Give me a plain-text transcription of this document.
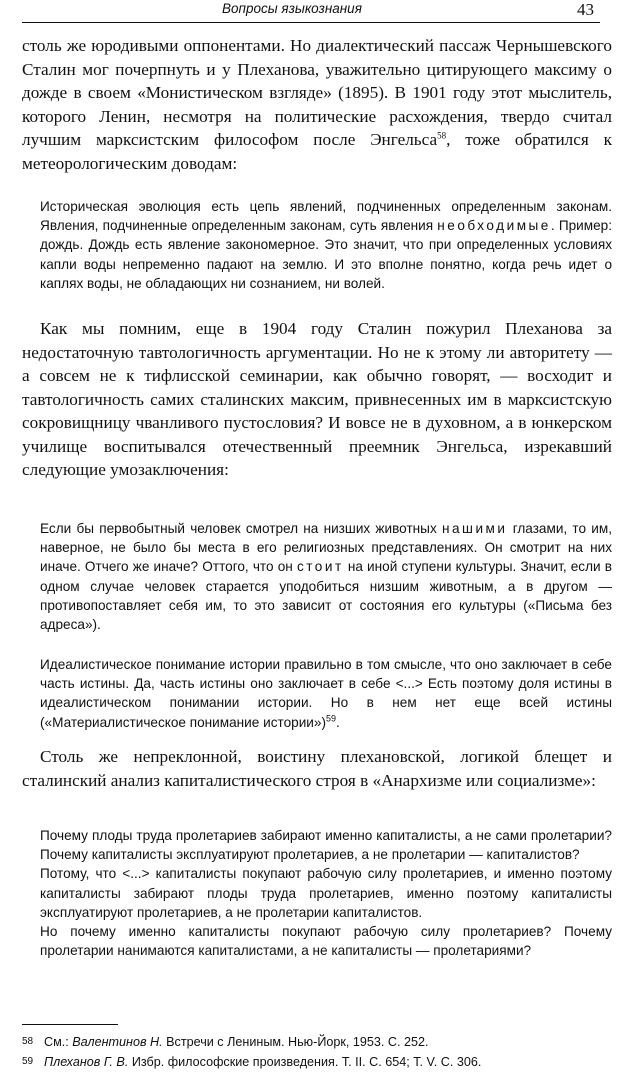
Вопросы языкознания	43
столь же юродивыми оппонентами. Но диалектический пассаж Чернышевского Сталин мог почерпнуть и у Плеханова, уважительно цитирующего максиму о дожде в своем «Монистическом взгляде» (1895). В 1901 году этот мыслитель, которого Ленин, несмотря на политические расхождения, твердо считал лучшим марксистским философом после Энгельса$^{58}$, тоже обратился к метеорологическим доводам:
Историческая эволюция есть цепь явлений, подчиненных определенным законам. Явления, подчиненные определенным законам, суть явления необходимые. Пример: дождь. Дождь есть явление закономерное. Это значит, что при определенных условиях капли воды непременно падают на землю. И это вполне понятно, когда речь идет о каплях воды, не обладающих ни сознанием, ни волей.
Как мы помним, еще в 1904 году Сталин пожурил Плеханова за недостаточную тавтологичность аргументации. Но не к этому ли авторитету — а совсем не к тифлисской семинарии, как обычно говорят, — восходит и тавтологичность самих сталинских максим, привнесенных им в марксистскую сокровищницу чванливого пустословия? И вовсе не в духовном, а в юнкерском училище воспитывался отечественный преемник Энгельса, изрекавший следующие умозаключения:
Если бы первобытный человек смотрел на низших животных нашими глазами, то им, наверное, не было бы места в его религиозных представлениях. Он смотрит на них иначе. Отчего же иначе? Оттого, что он стоит на иной ступени культуры. Значит, если в одном случае человек старается уподобиться низшим животным, а в другом — противопоставляет себя им, то это зависит от состояния его культуры («Письма без адреса»).
Идеалистическое понимание истории правильно в том смысле, что оно заключает в себе часть истины. Да, часть истины оно заключает в себе <...> Есть поэтому доля истины в идеалистическом понимании истории. Но в нем нет еще всей истины («Материалистическое понимание истории»)$^{59}$.
Столь же непреклонной, воистину плехановской, логикой блещет и сталинский анализ капиталистического строя в «Анархизме или социализме»:
Почему плоды труда пролетариев забирают именно капиталисты, а не сами пролетарии? Почему капиталисты эксплуатируют пролетариев, а не пролетарии — капиталистов?
Потому, что <...> капиталисты покупают рабочую силу пролетариев, и именно поэтому капиталисты забирают плоды труда пролетариев, именно поэтому капиталисты эксплуатируют пролетариев, а не пролетарии капиталистов.
Но почему именно капиталисты покупают рабочую силу пролетариев? Почему пролетарии нанимаются капиталистами, а не капиталисты — пролетариями?
58 См.: Валентинов Н. Встречи с Лениным. Нью-Йорк, 1953. С. 252.
59 Плеханов Г. В. Избр. философские произведения. Т. II. С. 654; Т. V. С. 306.
